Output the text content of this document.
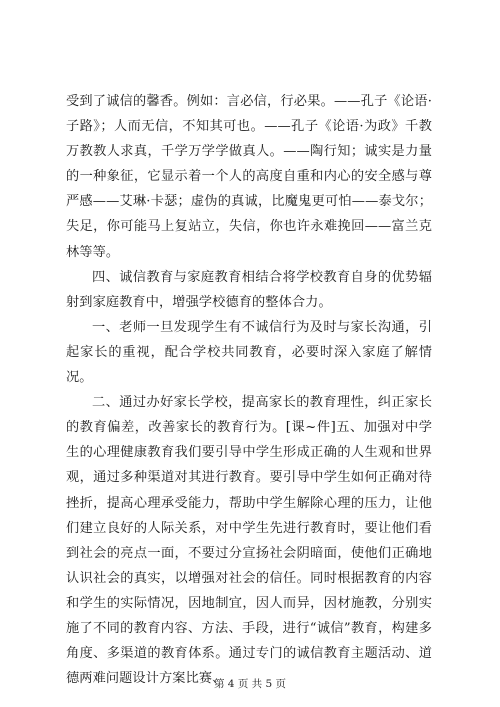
受到了诚信的馨香。例如：言必信，行必果。——孔子《论语·子路》；人而无信，不知其可也。——孔子《论语·为政》千教万教教人求真，千学万学学做真人。——陶行知；诚实是力量的一种象征，它显示着一个人的高度自重和内心的安全感与尊严感——艾琳·卡瑟；虚伪的真诚，比魔鬼更可怕——泰戈尔；失足，你可能马上复站立，失信，你也许永难挽回——富兰克林等等。

四、诚信教育与家庭教育相结合将学校教育自身的优势辐射到家庭教育中，增强学校德育的整体合力。

一、老师一旦发现学生有不诚信行为及时与家长沟通，引起家长的重视，配合学校共同教育，必要时深入家庭了解情况。

二、通过办好家长学校，提高家长的教育理性，纠正家长的教育偏差，改善家长的教育行为。[课~件]五、加强对中学生的心理健康教育我们要引导中学生形成正确的人生观和世界观，通过多种渠道对其进行教育。要引导中学生如何正确对待挫折，提高心理承受能力，帮助中学生解除心理的压力，让他们建立良好的人际关系，对中学生先进行教育时，要让他们看到社会的亮点一面，不要过分宣扬社会阴暗面，使他们正确地认识社会的真实，以增强对社会的信任。同时根据教育的内容和学生的实际情况，因地制宜，因人而异，因材施教，分别实施了不同的教育内容、方法、手段，进行“诚信”教育，构建多角度、多渠道的教育体系。通过专门的诚信教育主题活动、道德两难问题设计方案比赛、

第 4 页 共 5 页
